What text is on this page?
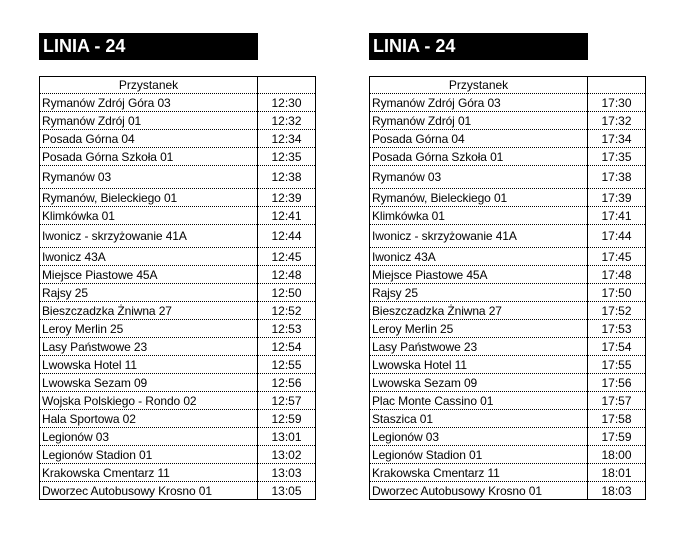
LINIA - 24
Przystanek	
Rymanów Zdrój Góra 03	12:30
Rymanów Zdrój 01	12:32
Posada Górna 04	12:34
Posada Górna Szkoła 01	12:35
Rymanów 03	12:38
Rymanów, Bieleckiego 01	12:39
Klimkówka 01	12:41
Iwonicz - skrzyżowanie 41A	12:44
Iwonicz 43A	12:45
Miejsce Piastowe 45A	12:48
Rajsy 25	12:50
Bieszczadzka Żniwna 27	12:52
Leroy Merlin 25	12:53
Lasy Państwowe 23	12:54
Lwowska Hotel 11	12:55
Lwowska Sezam 09	12:56
Wojska Polskiego - Rondo 02	12:57
Hala Sportowa 02	12:59
Legionów 03	13:01
Legionów Stadion 01	13:02
Krakowska Cmentarz 11	13:03
Dworzec Autobusowy Krosno 01	13:05
LINIA - 24
Przystanek	
Rymanów Zdrój Góra 03	17:30
Rymanów Zdrój 01	17:32
Posada Górna 04	17:34
Posada Górna Szkoła 01	17:35
Rymanów 03	17:38
Rymanów, Bieleckiego 01	17:39
Klimkówka 01	17:41
Iwonicz - skrzyżowanie 41A	17:44
Iwonicz 43A	17:45
Miejsce Piastowe 45A	17:48
Rajsy 25	17:50
Bieszczadzka Żniwna 27	17:52
Leroy Merlin 25	17:53
Lasy Państwowe 23	17:54
Lwowska Hotel 11	17:55
Lwowska Sezam 09	17:56
Plac Monte Cassino 01	17:57
Staszica 01	17:58
Legionów 03	17:59
Legionów Stadion 01	18:00
Krakowska Cmentarz 11	18:01
Dworzec Autobusowy Krosno 01	18:03
